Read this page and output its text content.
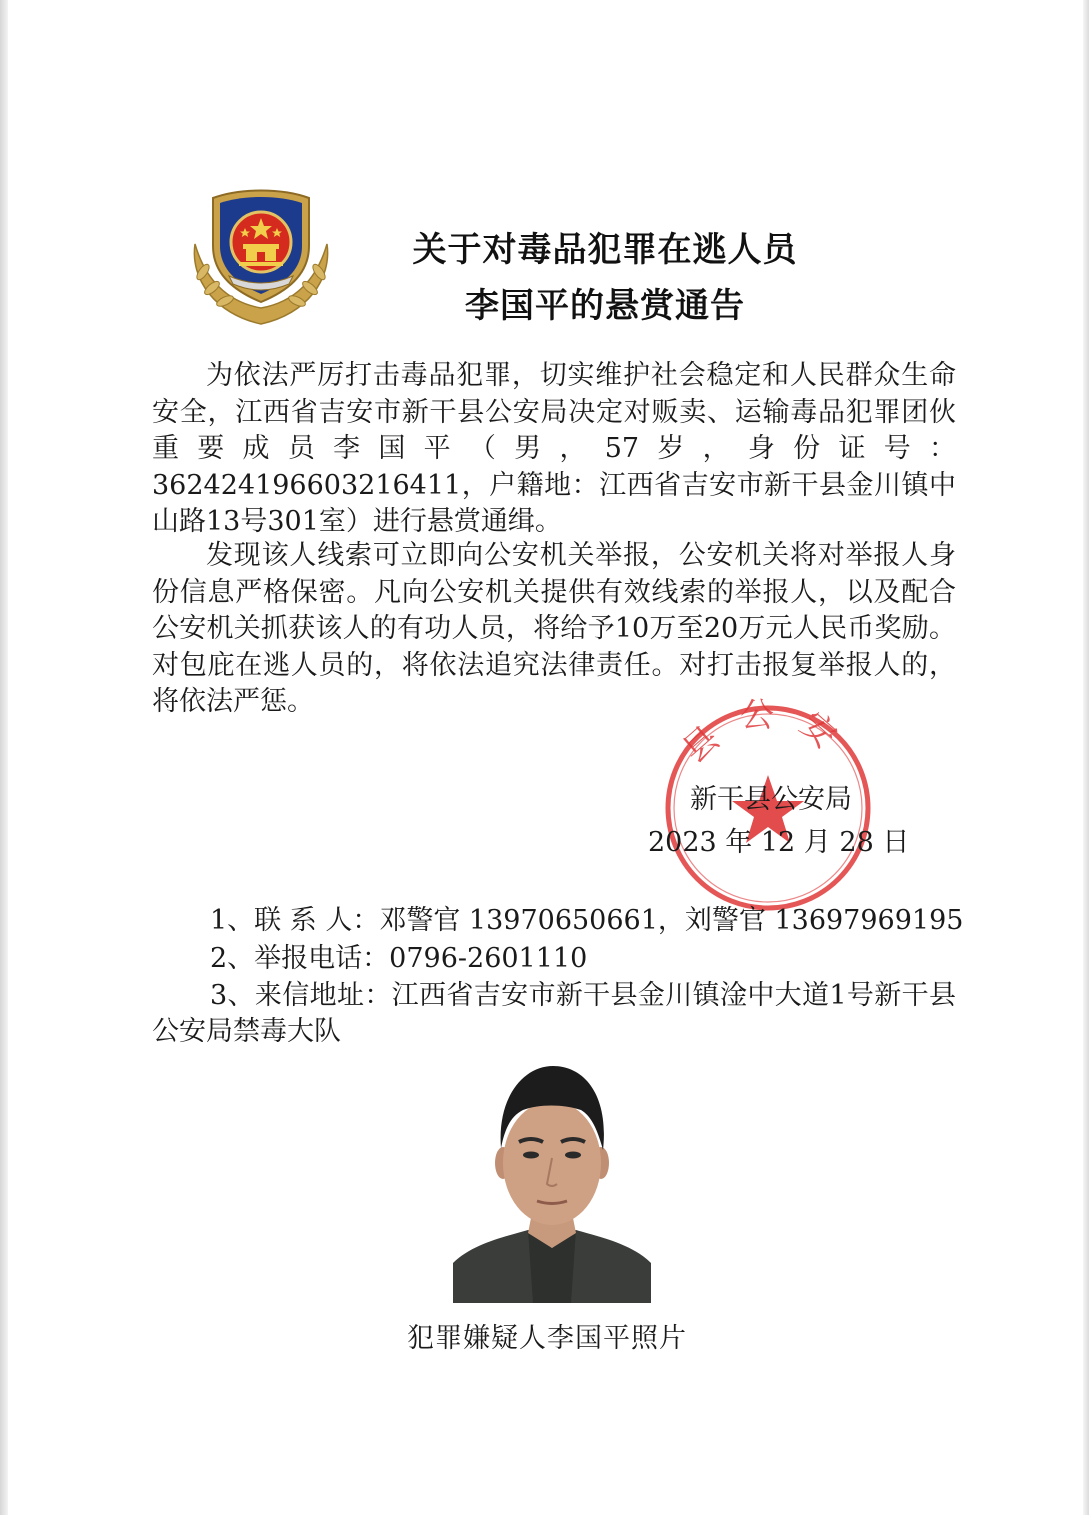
关于对毒品犯罪在逃人员
李国平的悬赏通告
为依法严厉打击毒品犯罪，切实维护社会稳定和人民群众生命安全，江西省吉安市新干县公安局决定对贩卖、运输毒品犯罪团伙重要成员李国平（男，57岁，身份证号：362424196603216411，户籍地：江西省吉安市新干县金川镇中山路13号301室）进行悬赏通缉。
发现该人线索可立即向公安机关举报，公安机关将对举报人身份信息严格保密。凡向公安机关提供有效线索的举报人，以及配合公安机关抓获该人的有功人员，将给予10万至20万元人民币奖励。对包庇在逃人员的，将依法追究法律责任。对打击报复举报人的，将依法严惩。
县公安
新干县公安局
2023 年 12 月 28 日
1、联 系 人：邓警官 13970650661，刘警官 13697969195
2、举报电话：0796-2601110
3、来信地址：江西省吉安市新干县金川镇淦中大道1号新干县公安局禁毒大队
犯罪嫌疑人李国平照片
